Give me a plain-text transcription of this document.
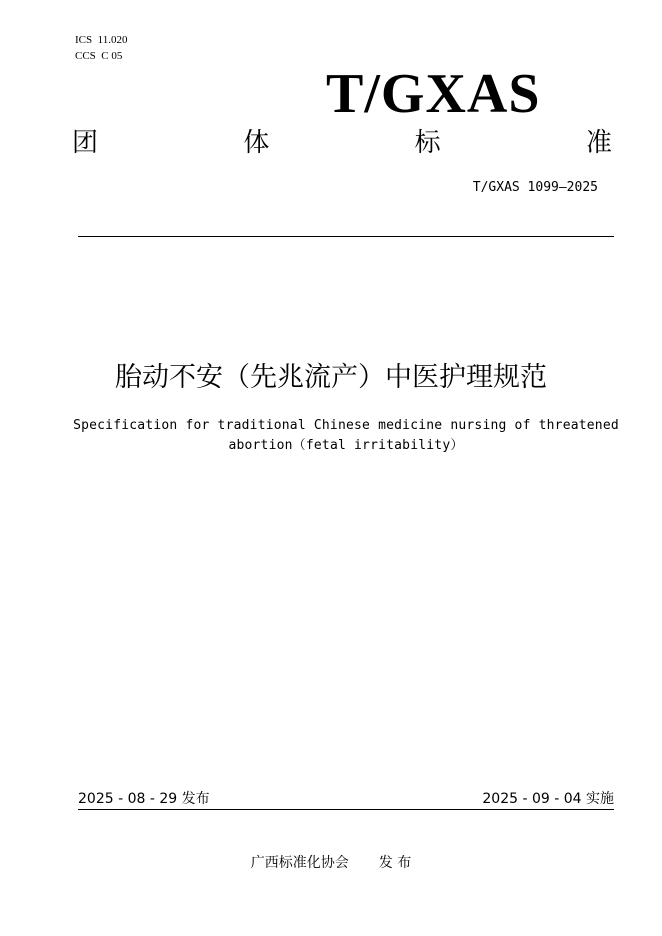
ICS  11.020
CCS  C 05
T/GXAS
团	体	标	准
T/GXAS 1099—2025
胎动不安（先兆流产）中医护理规范
Specification for traditional Chinese medicine nursing of threatened
abortion（fetal irritability）
2025 - 08 - 29 发布	2025 - 09 - 04 实施
广西标准化协会 发 布
